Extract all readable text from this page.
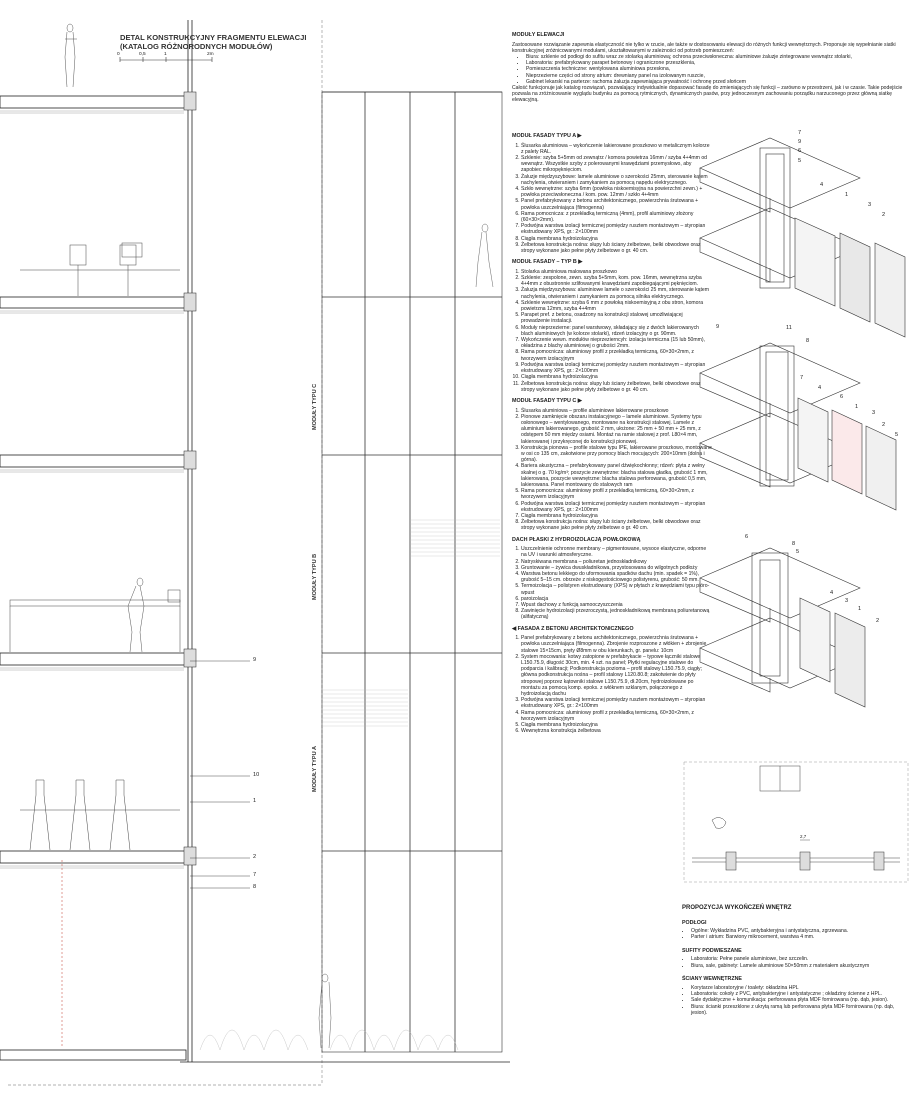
DETAL KONSTRUKCYJNY FRAGMENTU ELEWACJI
(KATALOG RÓŻNORODNYCH MODUŁÓW)
0	0,5	1	2m
MODUŁY TYPU C
MODUŁY TYPU B
MODUŁY TYPU A
9
10
1
2
7
8
MODUŁY ELEWACJI

Zastosowane rozwiązanie zapewnia elastyczność nie tylko w rzucie, ale także w dostosowaniu elewacji do różnych funkcji wewnętrznych. Proponuje się wypełnianie siatki konstrukcyjnej zróżnicowanymi modułami, ukształtowanymi w zależności od potrzeb pomieszczeń:

• Biura: szklenie od podłogi do sufitu wraz ze stolarką aluminiową; ochrona przeciwsłoneczna: aluminiowe żaluzje zintegrowane wewnątrz stolarki,
• Laboratoria: prefabrykowany parapet betonowy i ograniczone przeszklenia,
• Pomieszczenia techniczne: wentylowana aluminiowa przesłona,
• Nieprzezierne części od strony atrium: drewniany panel na izolowanym ruszcie,
• Gabinet lekarski na parterze: rachoma żaluzja zapewniająca prywatność i ochronę przed słońcem

Całość funkcjonuje jak katalog rozwiązań, pozwalający indywidualnie dopasować fasadę do zmieniających się funkcji – zarówno w przestrzeni, jak i w czasie. Takie podejście pozwala na zróżnicowanie wyglądu budynku za pomocą rytmicznych, dynamicznych pasów, przy jednoczesnym zachowaniu porządku narzuconego przez główną siatkę elewacyjną.

MODUŁ FASADY TYPU A ▶
1. Ślusarka aluminiowa – wykończenie lakierowane proszkowo w metalicznym kolorze z palety RAL.
2. Szklenie: szyba 5+5mm od zewnątrz / komora powietrza 16mm / szyba 4+4mm od wewnątrz. Wszystkie szyby z polerowanymi krawędziami przemysłowo, aby zapobiec mikropęknięciom.
3. Żaluzje międzyszybowe: lamele aluminiowe o szerokości 25mm, sterowanie kątem nachylenia, otwieraniem i zamykaniem za pomocą napędu elektrycznego.
4. Szkło wewnętrzne: szyba 6mm (powłoka niskoemisyjna na powierzchni zewn.) + powłoka przeciwsłoneczna / kom. pow. 12mm / szkło 4+4mm
5. Panel prefabrykowany z betonu architektonicznego, powierzchnia śrutowana + powłoka uszczelniająca (filmogenna)
6. Rama pomocnicza: z przekładką termiczną (4mm), profil aluminiowy złożony (60×30×2mm).
7. Podwójna warstwa izolacji termicznej pomiędzy rusztem montażowym – styropian ekstrudowany XPS, gr.: 2×100mm
8. Ciągła membrana hydroizolacyjna
9. Żelbetowa konstrukcja nośna: słupy lub ściany żelbetowe, belki obwodowe oraz stropy wykonane jako pełne płyty żelbetowe o gr. 40 cm.
MODUŁ FASADY – TYP B ▶
1. Stolarka aluminiowa malowana proszkowo
2. Szklenie: zespolone, zewn. szyba 5+5mm, kom. pow. 16mm, wewnętrzna szyba 4+4mm z obustronnie szlifowanymi krawędziami zapobiegającymi pęknięciom.
3. Żaluzja międzyszybowa: aluminiowe lamele o szerokości 25 mm, sterowanie kątem nachylenia, otwieraniem i zamykaniem za pomocą silnika elektrycznego.
4. Szklenie wewnętrzne: szyba 6 mm z powłoką niskoemisyjną z obu stron, komora powietrzna 12mm, szyba 4+4mm
5. Parapet pref. z betonu, osadzony na konstrukcji stalowej umożliwiającej prowadzenie instalacji.
6. Moduły nieprzezierne: panel warstwowy, składający się z dwóch lakierowanych blach aluminiowych (w kolorze stolarki), rdzeń izolacyjny o gr. 90mm.
7. Wykończenie wewn. modułów nieprzezierncyh: izolacja termiczna (15 lub 50mm), okładzina z blachy aluminiowej o grubości 2mm.
8. Rama pomocnicza: aluminiowy profil z przekładką termiczną, 60×30×2mm, z tworzywem izolacyjnym
9. Podwójna warstwa izolacji termicznej pomiędzy rusztem montażowym – styropian ekstrudowany XPS, gr.: 2×100mm
10. Ciągła membrana hydroizolacyjna
11. Żelbetowa konstrukcja nośna: słupy lub ściany żelbetowe, belki obwodowe oraz stropy wykonane jako pełne płyty żelbetowe o gr. 40 cm.
MODUŁ FASADY TYPU C ▶
1. Ślusarka aluminiowa – profile aluminiowe lakierowane proszkowo
2. Pionowe zamknięcie obszaru instalacyjnego – lamele aluminiowe. Systemy typu osłonowego – wentylowanego, montowane na konstrukcji stalowej. Lamele z aluminium lakierowanego, grubość 2 mm, ułożone: 25 mm + 50 mm + 25 mm, z odstępem 50 mm między osiami. Montaż na ramie stalowej z prof. L80×4 mm, lakierowanej i przykręconej do konstrukcji pionowej.
3. Konstrukcja pionowa – profile stalowe typu IPE, lakierowane proszkowo, montowane w osi co 135 cm, zakotwione przy pomocy blach mocujących: 200×10mm (dolna i górna).
4. Bariera akustyczna – prefabrykowany panel dźwiękochłonny; rdzeń: płyta z wełny skalnej o g. 70 kg/m³; poszycie zewnętrzne: blacha stalowa gładka, grubość 1 mm, lakierowana, poszycie wewnętrzne: blacha stalowa perforowana, grubość 0,5 mm, lakierowana. Panel montowany do stalowych ram
5. Rama pomocnicza: aluminiowy profil z przekładką termiczną, 60×30×2mm, z tworzywem izolacyjnym
6. Podwójna warstwa izolacji termicznej pomiędzy rusztem montażowym – styropian ekstrudowany XPS, gr.: 2×100mm
7. Ciągła membrana hydroizolacyjna
8. Żelbetowa konstrukcja nośna: słupy lub ściany żelbetowe, belki obwodowe oraz stropy wykonane jako pełne płyty żelbetowe o gr. 40 cm.
DACH PŁASKI Z HYDROIZOLACJĄ POWŁOKOWĄ
1. Uszczelnienie ochronne membrany – pigmentowane, wysoce elastyczne, odporne na UV i warunki atmosferyczne.
2. Natryskiwana membrana – poliuretan jednoskładnikowy
3. Gruntowanie – żywica dwuskładnikowa, przystosowana do wilgotnych podłoży
4. Warstwa betonu lekkiego do uformowania spadków dachu (min. spadek = 1%), grubość 5–15 cm. obrzeże z niskogęstościowego polistyrenu, grubość: 50 mm.
5. Termoizolacja – polistyren ekstrudowany (XPS) w płytach z krawędziami typu pióro-wpust
6. paroizolacja
7. Wpust dachowy z funkcją samooczyszczenia
8. Zawinięcie hydroizolacji przezroczystą, jednoskładnikową membraną poliuretanową (alifatyczną)
◀ FASADA Z BETONU ARCHITEKTONICZNEGO
1. Panel prefabrykowany z betonu architektonicznego, powierzchnia śrutowana + powłoka uszczelniająca (filmogenna). Zbrojenie rozproszone z włókien + zbrojenie stalowe 15×15cm, pręty Ø8mm w obu kierunkach, gr. panelu: 10cm
2. System mocowania: kotwy zatopione w prefabrykacie – typowe łączniki stalowe L150.75.9, długość 30cm, min. 4 szt. na panel; Płytki regulacyjne stalowe do podparcia i kalibracji; Podkonstrukcja pozioma – profil stalowy L150.75.9, ciągły; główna podkonstrukcja nośna – profil stalowy L120.80.8; zakotwienie do płyty stropowej poprzez kątowniki stalowe L150.75.9, dł.20cm, hydroizolowane po montażu za pomocą komp. epoks. z włóknem szklanym, połączonego z hydroizolacją dachu
3. Podwójna warstwa izolacji termicznej pomiędzy rusztem montażowym – styropian ekstrudowany XPS, gr.: 2×100mm
4. Rama pomocnicza: aluminiowy profil z przekładką termiczną, 60×30×2mm, z tworzywem izolacyjnym
5. Ciągła membrana hydroizolacyjna
6. Wewnętrzna konstrukcja żelbetowa
7
9
6
5
4
1
3
2
9	11
8
7
4
6
1
3
2
5
6
8
5
4
3
1
2
2,7
PROPOZYCJA WYKOŃCZEŃ WNĘTRZ
PODŁOGI
• Ogólne: Wykładzina PVC, antybakteryjna i antystatyczna, zgrzewana.
• Parter i atrium: Barwiony mikrocement, warstwa 4 mm.
SUFITY PODWIESZANE
• Laboratoria: Pełne panele aluminiowe, bez szczelin.
• Biura, sale, gabinety: Lamele aluminiowe 50×50mm z materiałem akustycznym
ŚCIANY WEWNĘTRZNE
• Korytarze laboratoryjne / toalety: okładzina HPL
• Laboratoria: cokoły z PVC, antybakteryjne i antystatyczne ; okładziny ścienne z HPL.
• Sale dydaktyczne + komunikacja: perforowana płyta MDF fornirowana (np. dąb, jesion).
• Biura: ścianki przeszklone z ukrytą ramą lub perforowana płyta MDF fornirowana (np. dąb, jesion).
